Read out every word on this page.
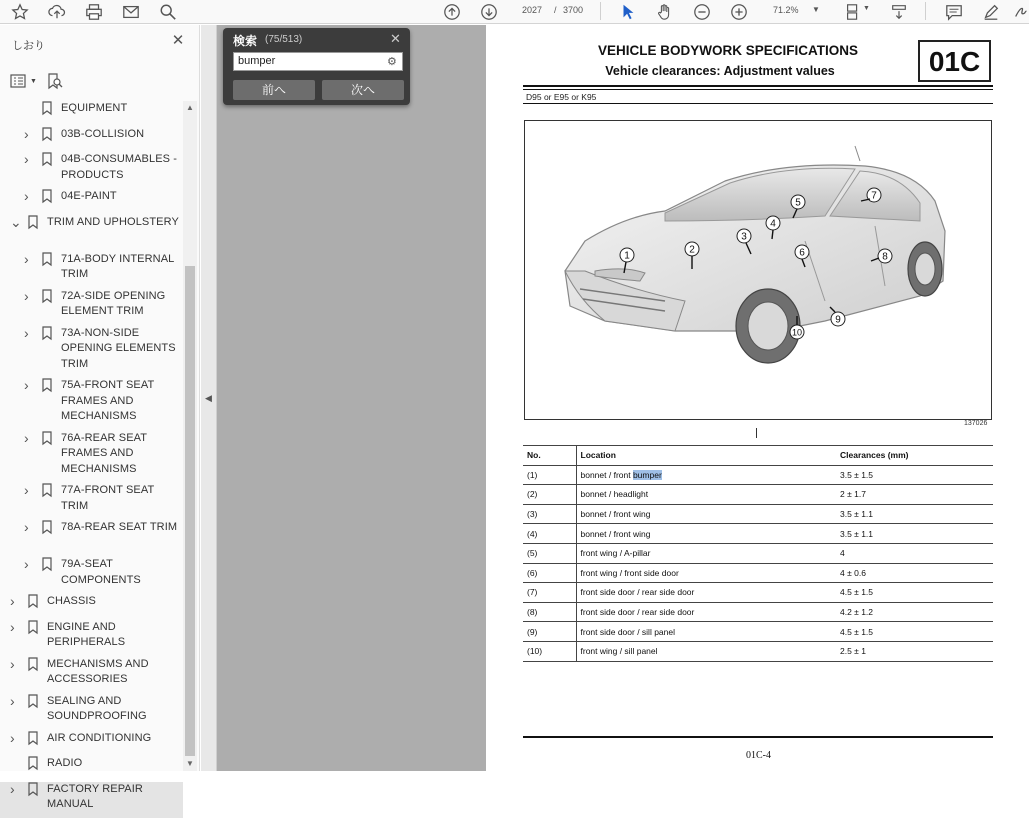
2027 / 3700	71.2% ▼	▼
しおり	✕
▼
EQUIPMENT
›	03B-COLLISION
›	04B-CONSUMABLES - PRODUCTS
›	04E-PAINT
⌄ TRIM AND UPHOLSTERY
›	71A-BODY INTERNAL TRIM
›	72A-SIDE OPENING ELEMENT TRIM
›	73A-NON-SIDE OPENING ELEMENTS TRIM
›	75A-FRONT SEAT FRAMES AND MECHANISMS
›	76A-REAR SEAT FRAMES AND MECHANISMS
›	77A-FRONT SEAT TRIM
›	78A-REAR SEAT TRIM
›	79A-SEAT COMPONENTS
›	CHASSIS
›	ENGINE AND PERIPHERALS
›	MECHANISMS AND ACCESSORIES
›	SEALING AND SOUNDPROOFING
›	AIR CONDITIONING
RADIO
›	FACTORY REPAIR MANUAL
▲
▼
◀
検索 (75/513)	✕
bumper	⚙
前へ	次へ
VEHICLE BODYWORK SPECIFICATIONS
Vehicle clearances: Adjustment values	01C
D95 or E95 or K95
1
2
3
4
5
6
7
8
9
10
137026
No.	Location	Clearances (mm)
(1)	bonnet / front bumper	3.5 ± 1.5
(2)	bonnet / headlight	2 ± 1.7
(3)	bonnet / front wing	3.5 ± 1.1
(4)	bonnet / front wing	3.5 ± 1.1
(5)	front wing / A-pillar	4
(6)	front wing / front side door	4 ± 0.6
(7)	front side door / rear side door	4.5 ± 1.5
(8)	front side door / rear side door	4.2 ± 1.2
(9)	front side door / sill panel	4.5 ± 1.5
(10)	front wing / sill panel	2.5 ± 1
01C-4
